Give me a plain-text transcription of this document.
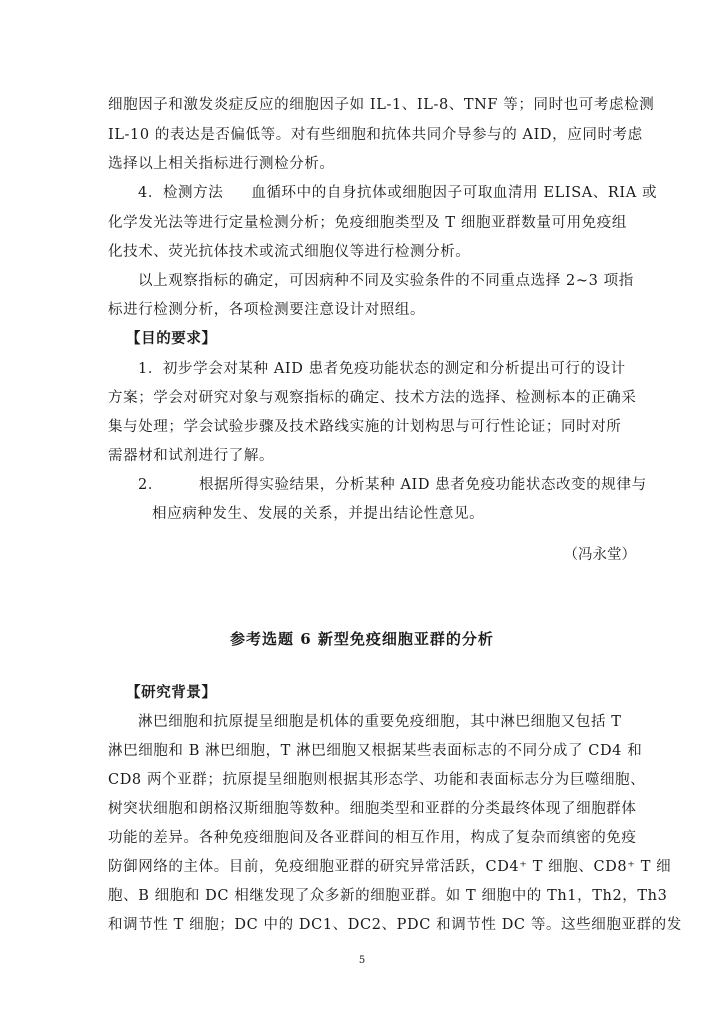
细胞因子和激发炎症反应的细胞因子如 IL-1、IL-8、TNF 等；同时也可考虑检测
IL-10 的表达是否偏低等。对有些细胞和抗体共同介导参与的 AID，应同时考虑
选择以上相关指标进行测检分析。
4．检测方法 血循环中的自身抗体或细胞因子可取血清用 ELISA、RIA 或
化学发光法等进行定量检测分析；免疫细胞类型及 T 细胞亚群数量可用免疫组
化技术、荧光抗体技术或流式细胞仪等进行检测分析。
以上观察指标的确定，可因病种不同及实验条件的不同重点选择 2~3 项指
标进行检测分析，各项检测要注意设计对照组。
【目的要求】
1．初步学会对某种 AID 患者免疫功能状态的测定和分析提出可行的设计
方案；学会对研究对象与观察指标的确定、技术方法的选择、检测标本的正确采
集与处理；学会试验步骤及技术路线实施的计划构思与可行性论证；同时对所
需器材和试剂进行了解。
2． 根据所得实验结果，分析某种 AID 患者免疫功能状态改变的规律与
相应病种发生、发展的关系，并提出结论性意见。
（冯永堂）
参考选题 6 新型免疫细胞亚群的分析
【研究背景】
淋巴细胞和抗原提呈细胞是机体的重要免疫细胞，其中淋巴细胞又包括 T
淋巴细胞和 B 淋巴细胞，T 淋巴细胞又根据某些表面标志的不同分成了 CD4 和
CD8 两个亚群；抗原提呈细胞则根据其形态学、功能和表面标志分为巨噬细胞、
树突状细胞和朗格汉斯细胞等数种。细胞类型和亚群的分类最终体现了细胞群体
功能的差异。各种免疫细胞间及各亚群间的相互作用，构成了复杂而缜密的免疫
防御网络的主体。目前，免疫细胞亚群的研究异常活跃，CD4⁺ T 细胞、CD8⁺ T 细
胞、B 细胞和 DC 相继发现了众多新的细胞亚群。如 T 细胞中的 Th1，Th2，Th3
和调节性 T 细胞；DC 中的 DC1、DC2、PDC 和调节性 DC 等。这些细胞亚群的发
5
